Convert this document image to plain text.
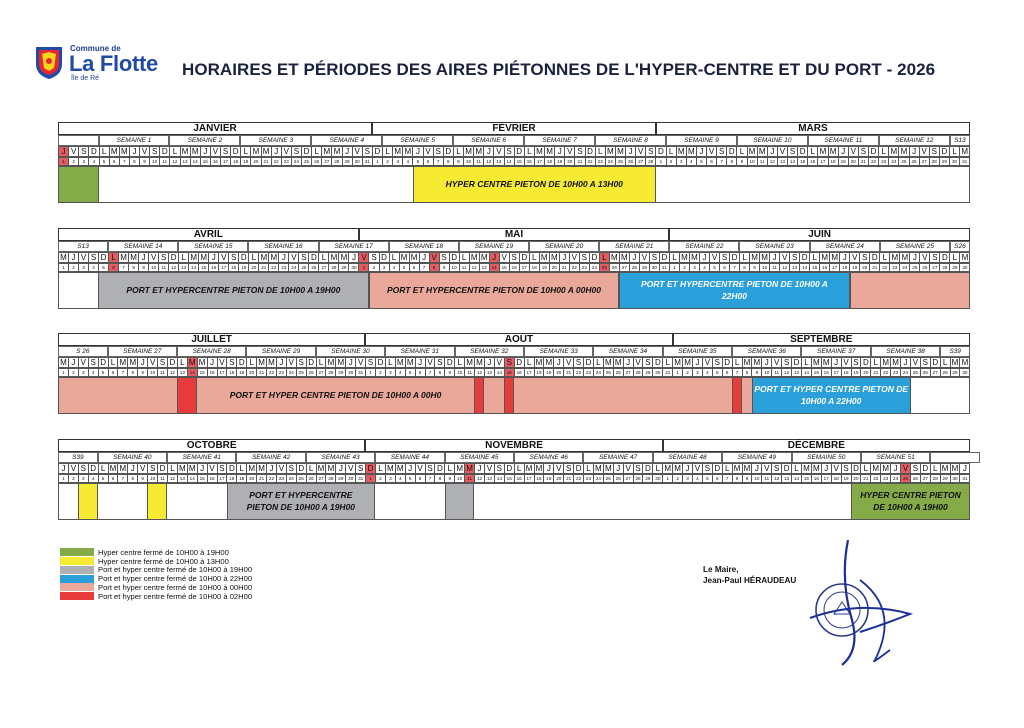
Commune de
La Flotte
île de Ré	HORAIRES ET PÉRIODES DES AIRES PIÉTONNES DE L'HYPER-CENTRE ET DU PORT - 2026
JANVIER	FÉVRIER	MARS
SEMAINE 1	SEMAINE 2	SEMAINE 3	SEMAINE 4	SEMAINE 5	SEMAINE 6	SEMAINE 7	SEMAINE 8	SEMAINE 9	SEMAINE 10	SEMAINE 11	SEMAINE 12	S13
J V S D L M M J V S D L M M J V S D L M M J V S D L M M J V S D L M M J V S D L M M J V S D L M M J V S D L M M J V S D L M M J V S D L M M J V S D L M M J V S D L M M J V S D L M
1	2	3	4	5	6	7	8	9	10	11	12	13	14	15	16	17	18	19	20	21	22	23	24	25	26	27	28	29	30	31	1	2	3	4	5	6	7	8	9	10	11	12	13	14	15	16	17	18	19	20	21	22	23	24	25	26	27	28	1	2	3	4	5	6	7	8	9	10	11	12	13	14	15	16	17	18	19	20	21	22	23	24	25	26	27	28	29	30	31
HYPER CENTRE PIETON DE 10H00 A 13H00
AVRIL	MAI	JUIN
S13	SEMAINE 14	SEMAINE 15	SEMAINE 16	SEMAINE 17	SEMAINE 18	SEMAINE 19	SEMAINE 20	SEMAINE 21	SEMAINE 22	SEMAINE 23	SEMAINE 24	SEMAINE 25	S26
M J V S D L M M J V S D L M M J V S D L M M J V S D L M M J V S D L M M J V S D L M M J V S D L M M J V S D L M M J V S D L M M J V S D L M M J V S D L M M J V S D L M M J V S D L M
1	2	3	4	5	6	7	8	9	10	11	12	13	14	15	16	17	18	19	20	21	22	23	24	25	26	27	28	29	30	1	2	3	4	5	6	7	8	9	10	11	12	13	14	15	16	17	18	19	20	21	22	23	24	25	26	27	28	29	30	31	1	2	3	4	5	6	7	8	9	10	11	12	13	14	15	16	17	18	19	20	21	22	23	24	25	26	27	28	29	30
PORT ET HYPERCENTRE PIETON DE 10H00 A 19H00	PORT ET HYPERCENTRE PIETON DE 10H00 A 00H00
PORT ET HYPERCENTRE PIETON DE 10H00 A
22H00
JUILLET	AOUT	SEPTEMBRE
S 26	SEMAINE 27	SEMAINE 28	SEMAINE 29	SEMAINE 30	SEMAINE 31	SEMAINE 32	SEMAINE 33	SEMAINE 34	SEMAINE 35	SEMAINE 36	SEMAINE 37	SEMAINE 38	S39
M J V S D L M M J V S D L M M J V S D L M M J V S D L M M J V S D L M M J V S D L M M J V S D L M M J V S D L M M J V S D L M M J V S D L M M J V S D L M M J V S D L M M J V S D L M M
1	2	3	4	5	6	7	8	9	10	11	12	13	14	15	16	17	18	19	20	21	22	23	24	25	26	27	28	29	30	31	1	2	3	4	5	6	7	8	9	10	11	12	13	14	15	16	17	18	19	20	21	22	23	24	25	26	27	28	29	30	31	1	2	3	4	5	6	7	8	9	10	11	12	13	14	15	16	17	18	19	20	21	22	23	24	25	26	27	28	29	30
PORT ET HYPER CENTRE PIETON DE
10H00 A 22H00
PORT ET HYPER CENTRE PIETON DE 10H00 A 00H0
OCTOBRE	NOVEMBRE	DÉCEMBRE
S39	SEMAINE 40	SEMAINE 41	SEMAINE 42	SEMAINE 43	SEMAINE 44	SEMAINE 45	SEMAINE 46	SEMAINE 47	SEMAINE 48	SEMAINE 49	SEMAINE 50	SEMAINE 51
J V S D L M M J V S D L M M J V S D L M M J V S D L M M J V S D L M M J V S D L M M J V S D L M M J V S D L M M J V S D L M M J V S D L M M J V S D L M M J V S D L M M J V S D L M M J
1	2	3	4	5	6	7	8	9	10	11	12	13	14	15	16	17	18	19	20	21	22	23	24	25	26	27	28	29	30	31	1	2	3	4	5	6	7	8	9	10	11	12	13	14	15	16	17	18	19	20	21	22	23	24	25	26	27	28	29	30	1	2	3	4	5	6	7	8	9	10	11	12	13	14	15	16	17	18	19	20	21	22	23	24	25	26	27	28	29	30	31
PORT ET HYPERCENTRE
PIETON DE 10H00 A 19H00
HYPER CENTRE PIETON
DE 10H00 A 19H00
Hyper centre fermé de 10H00 à 19H00
Hyper centre fermé de 10H00 à 13H00
Port et hyper centre fermé de 10H00 à 19H00
Port et hyper centre fermé de 10H00 à 22H00
Port et hyper centre fermé de 10H00 à 00H00
Port et hyper centre fermé de 10H00 à 02H00
Le Maire,
Jean-Paul HÉRAUDEAU
